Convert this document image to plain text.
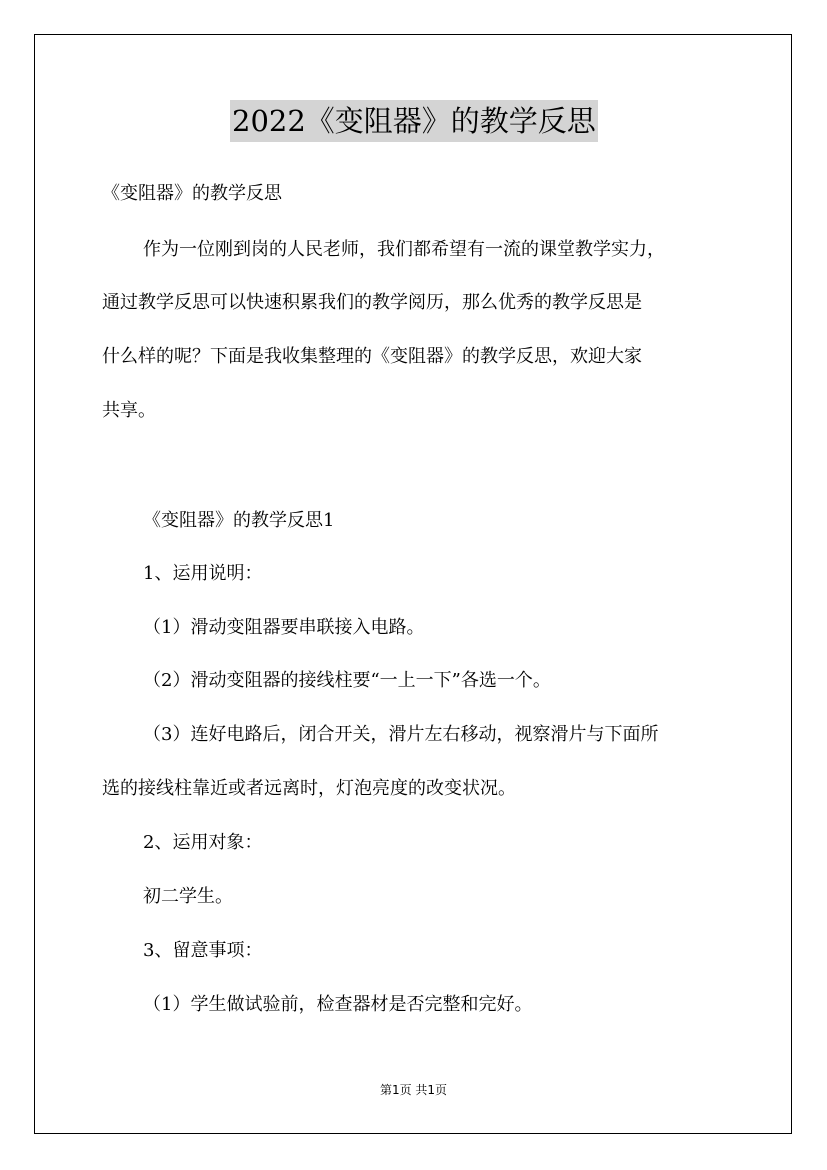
2022《变阻器》的教学反思
《变阻器》的教学反思
作为一位刚到岗的人民老师，我们都希望有一流的课堂教学实力，
通过教学反思可以快速积累我们的教学阅历，那么优秀的教学反思是
什么样的呢？下面是我收集整理的《变阻器》的教学反思，欢迎大家
共享。
《变阻器》的教学反思1
1、运用说明：
（1）滑动变阻器要串联接入电路。
（2）滑动变阻器的接线柱要“一上一下”各选一个。
（3）连好电路后，闭合开关，滑片左右移动，视察滑片与下面所
选的接线柱靠近或者远离时，灯泡亮度的改变状况。
2、运用对象：
初二学生。
3、留意事项：
（1）学生做试验前，检查器材是否完整和完好。
第1页 共1页
